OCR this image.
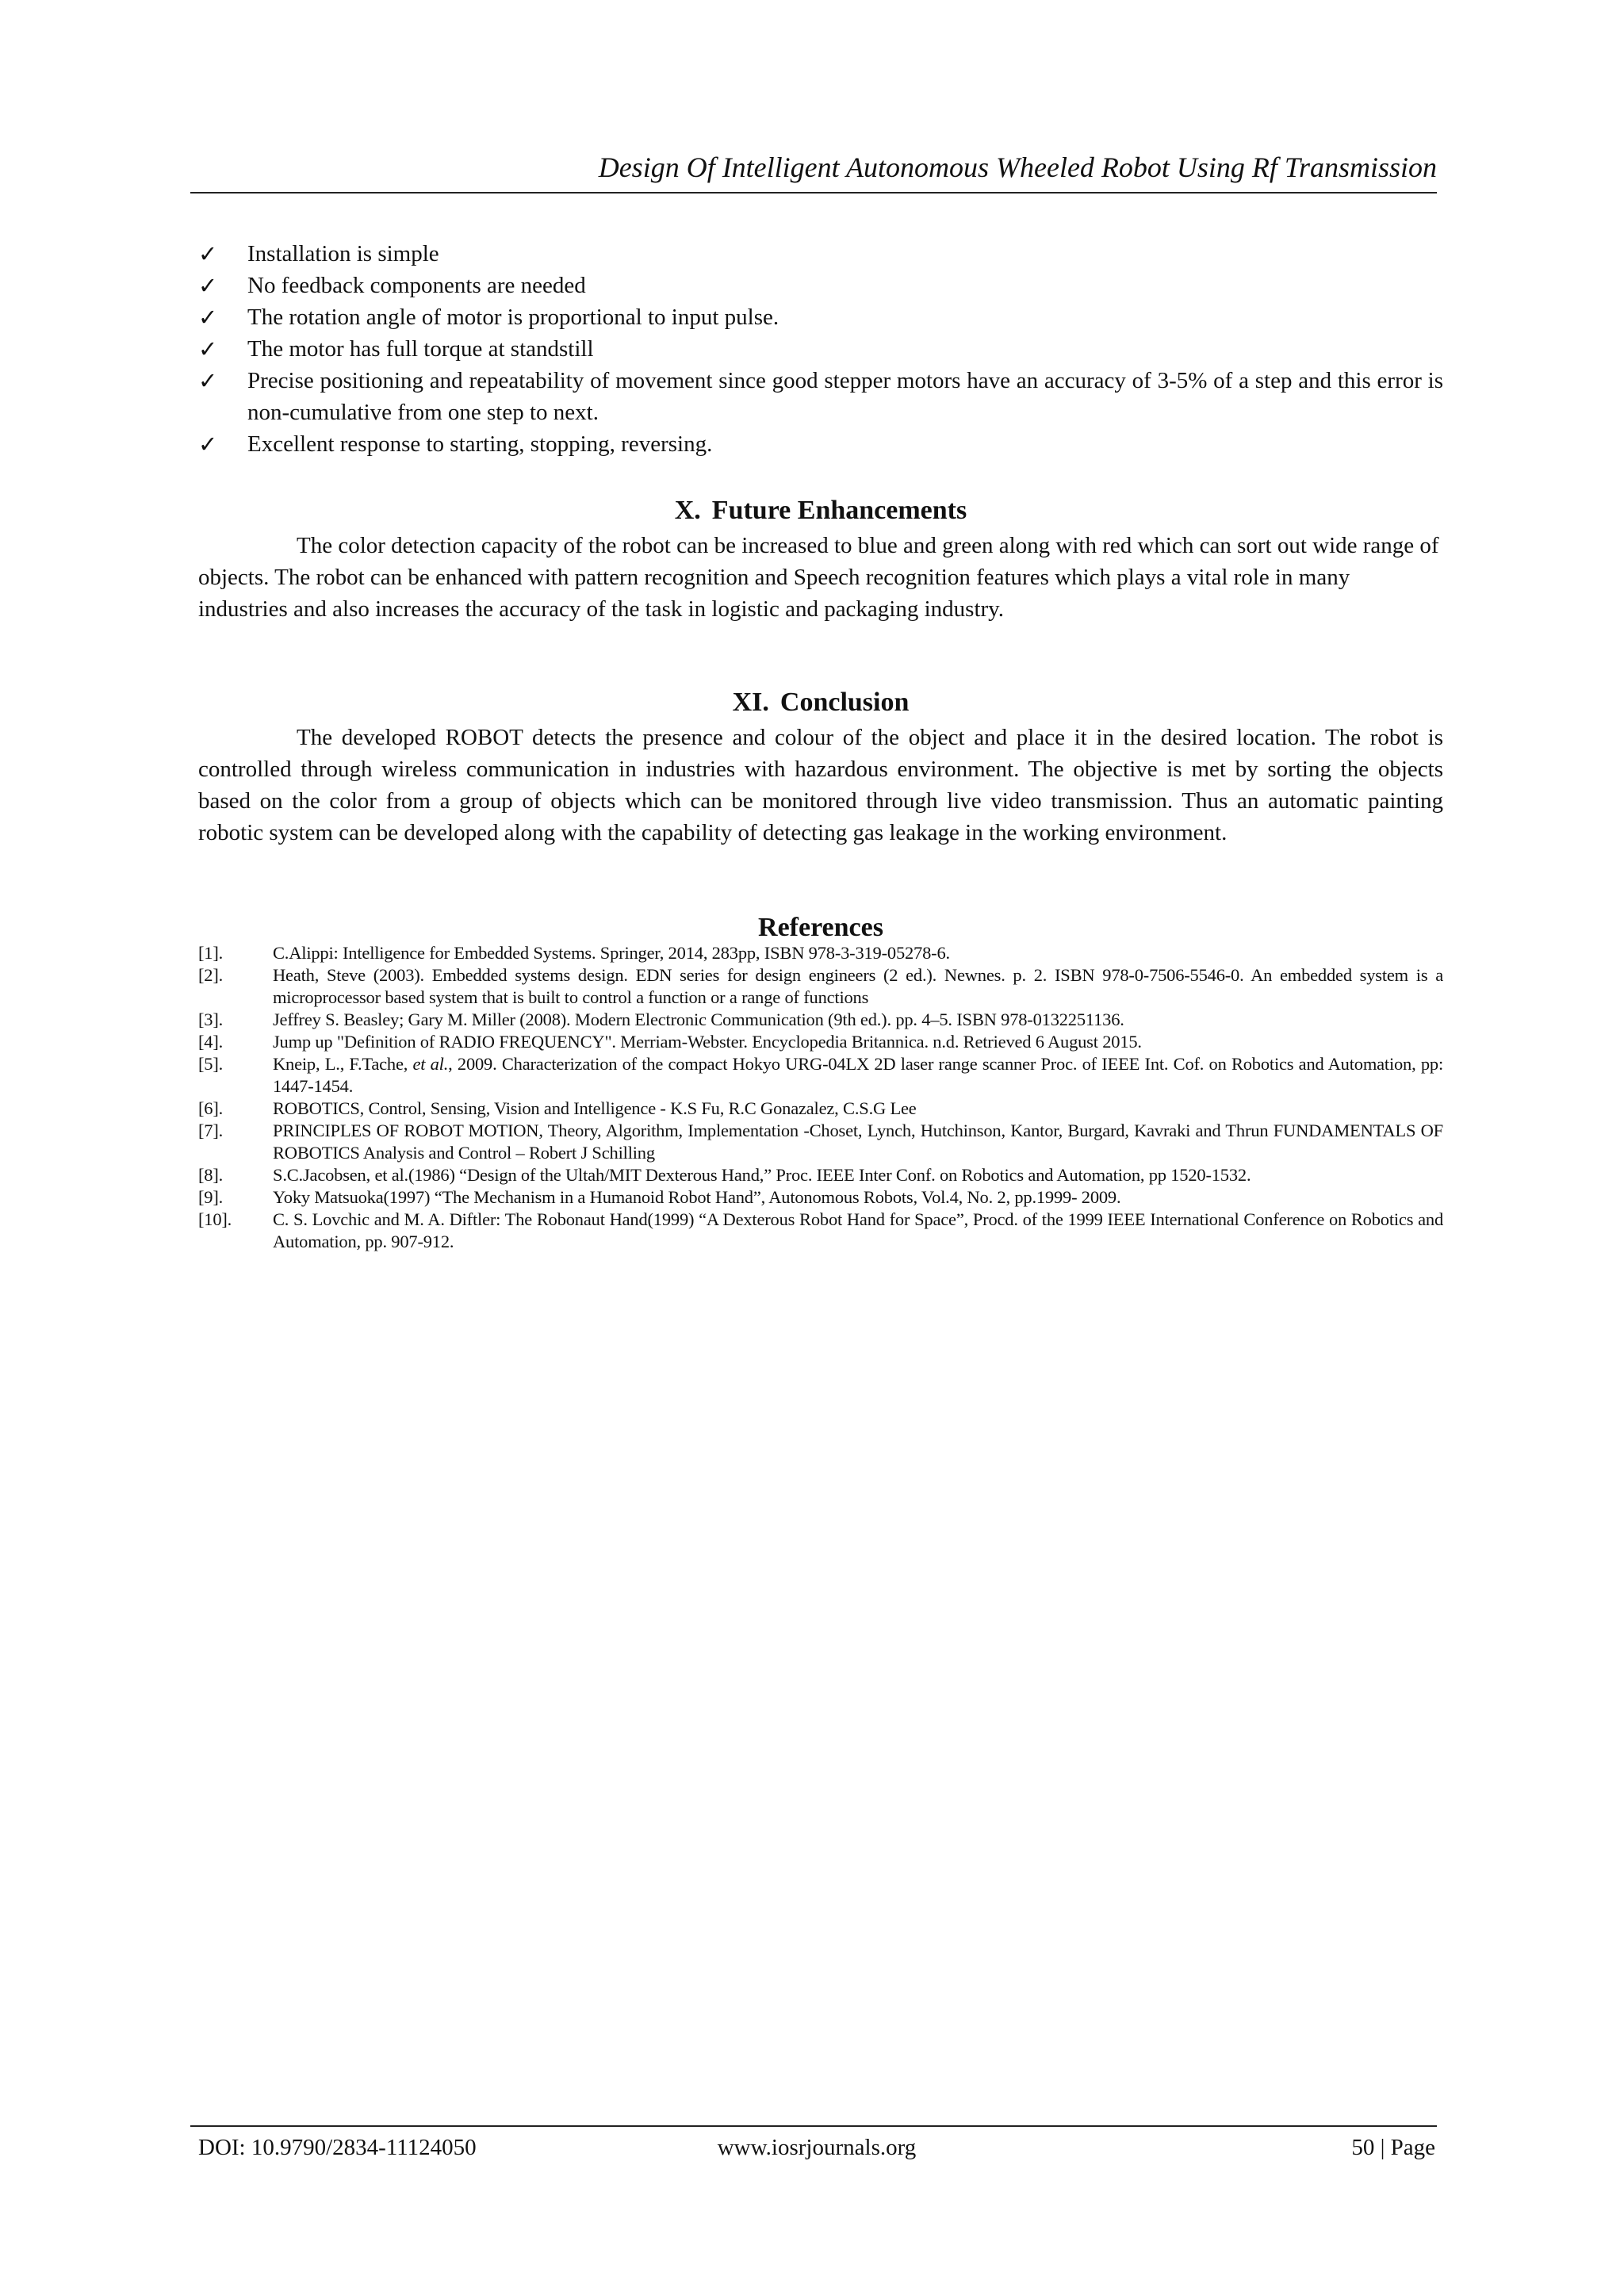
Design Of Intelligent Autonomous Wheeled Robot Using Rf Transmission
✓ Installation is simple
✓ No feedback components are needed
✓ The rotation angle of motor is proportional to input pulse.
✓ The motor has full torque at standstill
✓ Precise positioning and repeatability of movement since good stepper motors have an accuracy of 3-5% of a step and this error is non-cumulative from one step to next.
✓ Excellent response to starting, stopping, reversing.
X. Future Enhancements

The color detection capacity of the robot can be increased to blue and green along with red which can sort out wide range of objects. The robot can be enhanced with pattern recognition and Speech recognition features which plays a vital role in many industries and also increases the accuracy of the task in logistic and packaging industry.

XI. Conclusion

The developed ROBOT detects the presence and colour of the object and place it in the desired location. The robot is controlled through wireless communication in industries with hazardous environment. The objective is met by sorting the objects based on the color from a group of objects which can be monitored through live video transmission. Thus an automatic painting robotic system can be developed along with the capability of detecting gas leakage in the working environment.

References
[1].	C.Alippi: Intelligence for Embedded Systems. Springer, 2014, 283pp, ISBN 978-3-319-05278-6.
[2].	Heath, Steve (2003). Embedded systems design. EDN series for design engineers (2 ed.). Newnes. p. 2. ISBN 978-0-7506-5546-0. An embedded system is a microprocessor based system that is built to control a function or a range of functions
[3].	Jeffrey S. Beasley; Gary M. Miller (2008). Modern Electronic Communication (9th ed.). pp. 4–5. ISBN 978-0132251136.
[4].	Jump up "Definition of RADIO FREQUENCY". Merriam-Webster. Encyclopedia Britannica. n.d. Retrieved 6 August 2015.
[5].	Kneip, L., F.Tache, et al., 2009. Characterization of the compact Hokyo URG-04LX 2D laser range scanner Proc. of IEEE Int. Cof. on Robotics and Automation, pp: 1447-1454.
[6].	ROBOTICS, Control, Sensing, Vision and Intelligence - K.S Fu, R.C Gonazalez, C.S.G Lee
[7].	PRINCIPLES OF ROBOT MOTION, Theory, Algorithm, Implementation -Choset, Lynch, Hutchinson, Kantor, Burgard, Kavraki and Thrun FUNDAMENTALS OF ROBOTICS Analysis and Control – Robert J Schilling
[8].	S.C.Jacobsen, et al.(1986) “Design of the Ultah/MIT Dexterous Hand,” Proc. IEEE Inter Conf. on Robotics and Automation, pp 1520-1532.
[9].	Yoky Matsuoka(1997) “The Mechanism in a Humanoid Robot Hand”, Autonomous Robots, Vol.4, No. 2, pp.1999- 2009.
[10].	C. S. Lovchic and M. A. Diftler: The Robonaut Hand(1999) “A Dexterous Robot Hand for Space”, Procd. of the 1999 IEEE International Conference on Robotics and Automation, pp. 907-912.
DOI: 10.9790/2834-11124050	www.iosrjournals.org	50 | Page
